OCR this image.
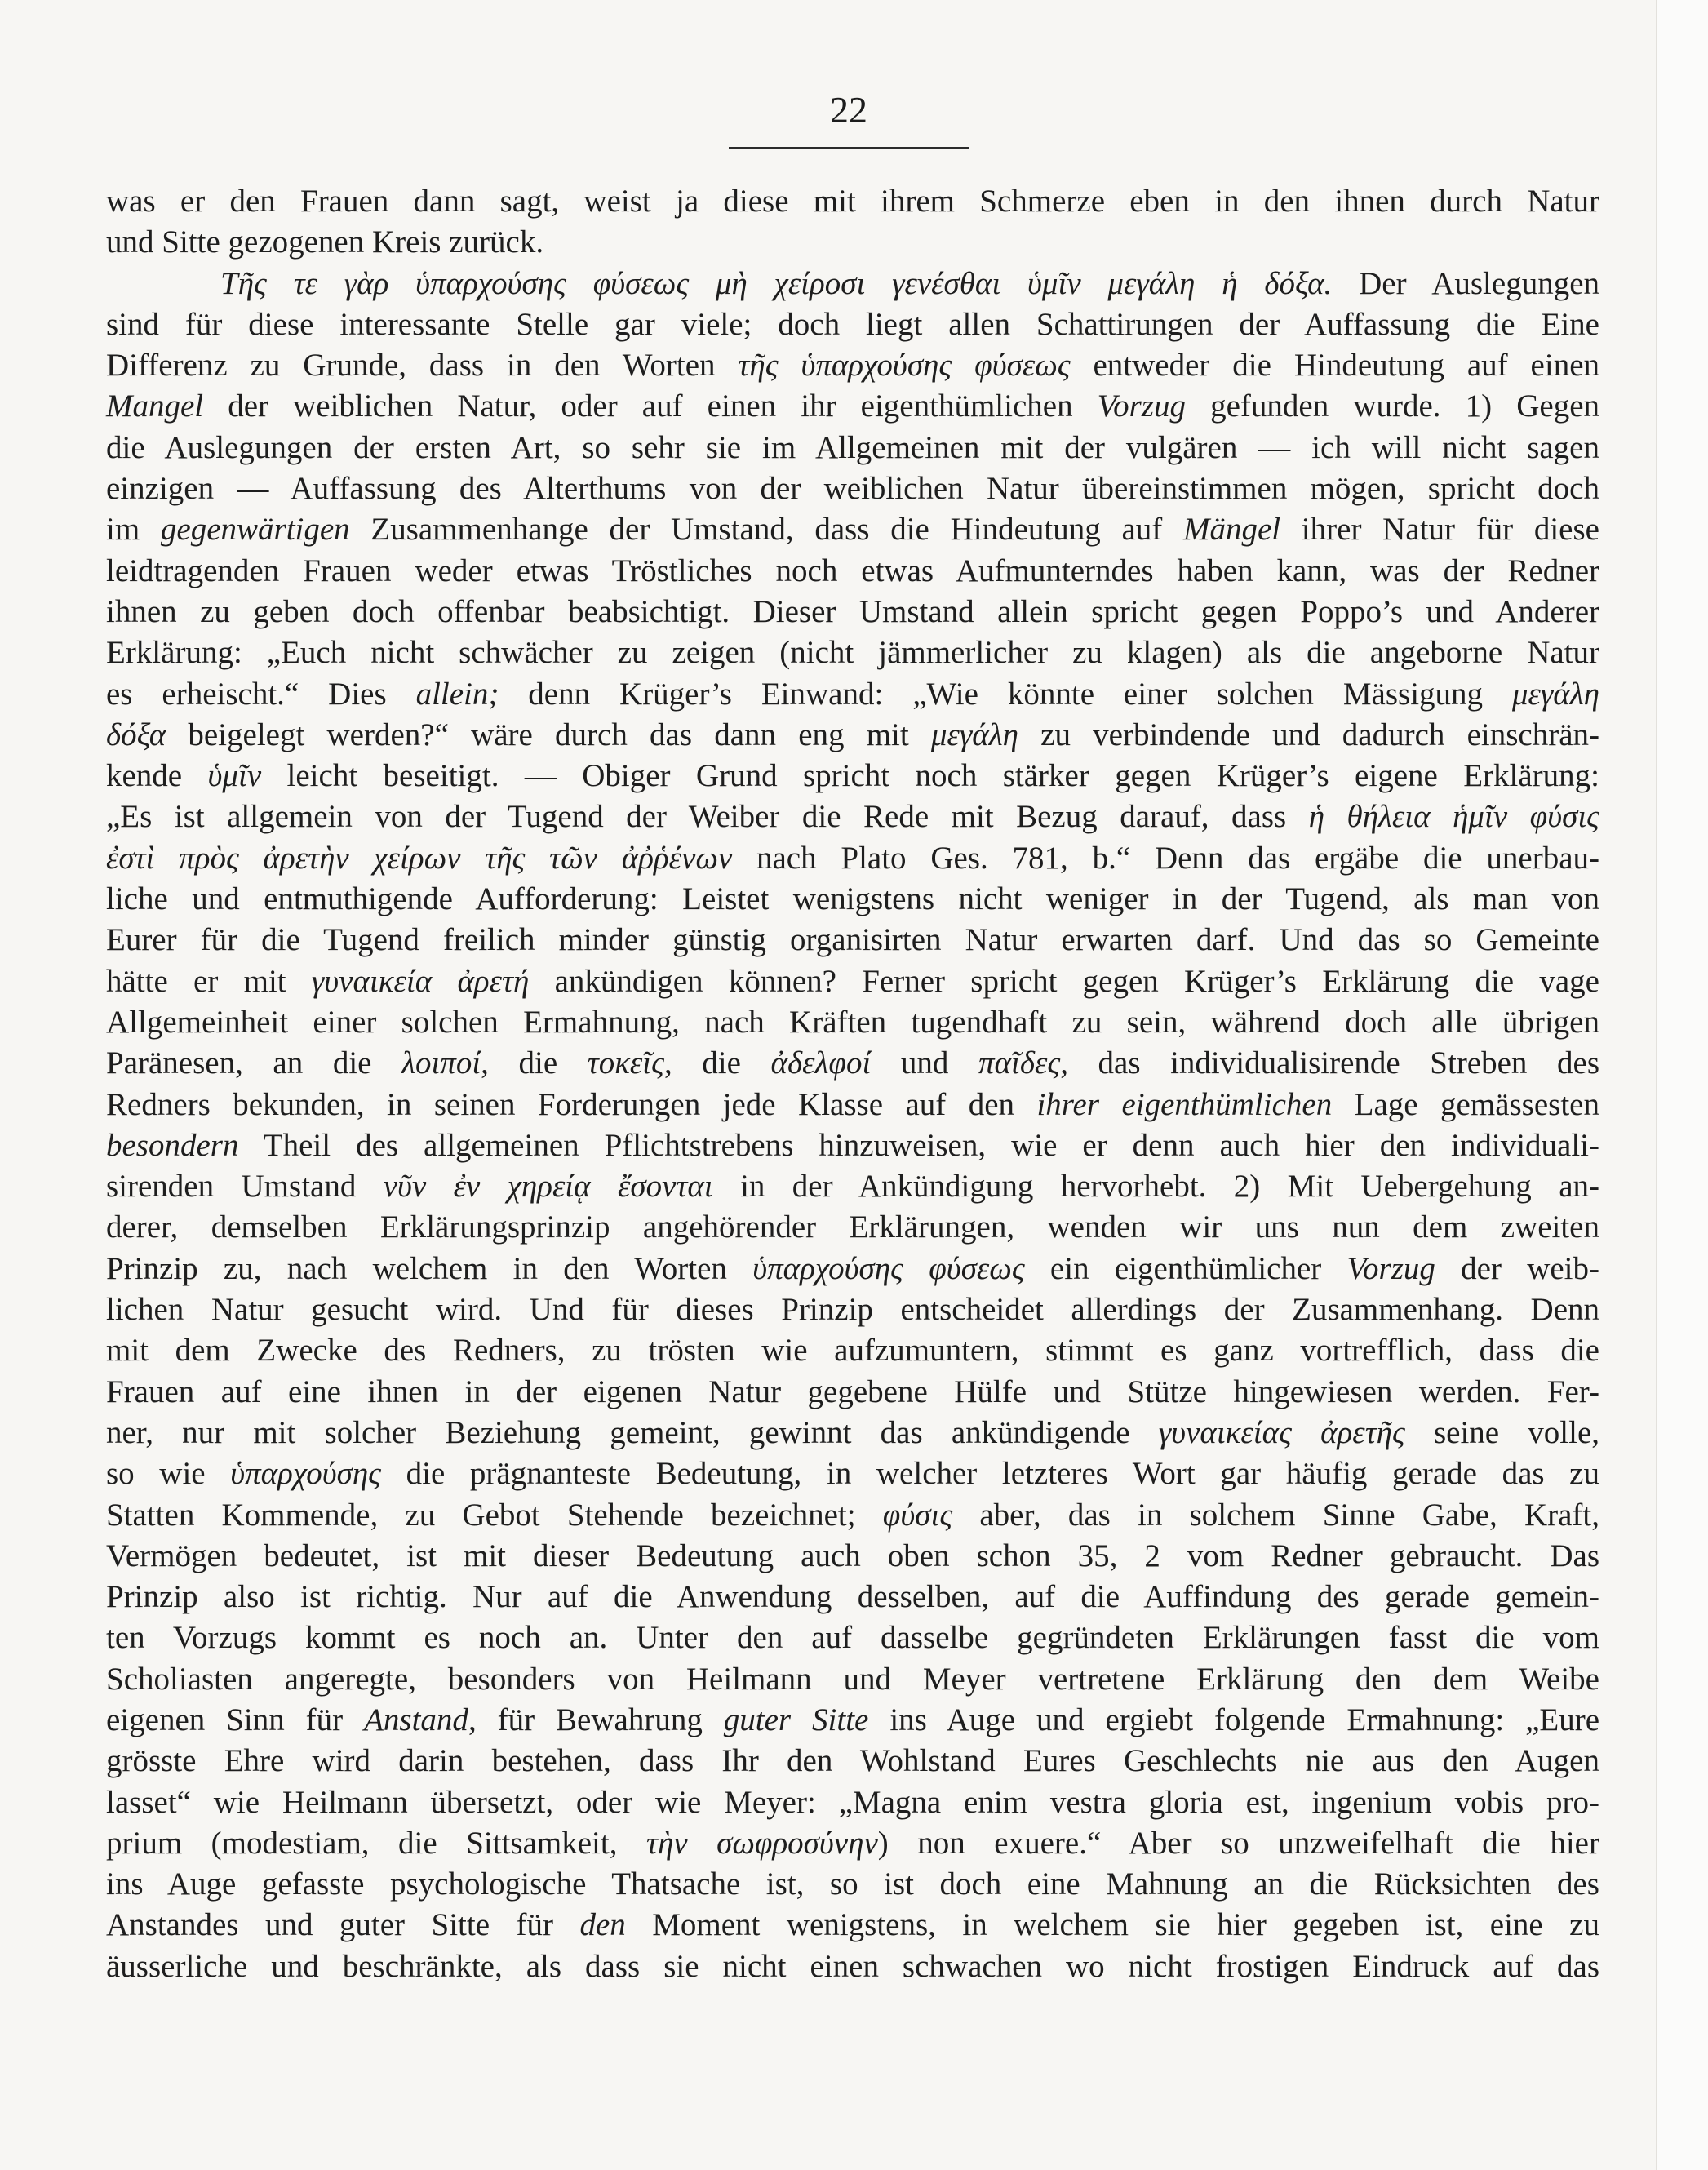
22
was er den Frauen dann sagt, weist ja diese mit ihrem Schmerze eben in den ihnen durch Natur
und Sitte gezogenen Kreis zurück.
Τῆς τε γὰρ ὑπαρχούσης φύσεως μὴ χείροσι γενέσθαι ὑμῖν μεγάλη ἡ δόξα. Der Auslegungen
sind für diese interessante Stelle gar viele; doch liegt allen Schattirungen der Auffassung die Eine
Differenz zu Grunde, dass in den Worten τῆς ὑπαρχούσης φύσεως entweder die Hindeutung auf einen
Mangel der weiblichen Natur, oder auf einen ihr eigenthümlichen Vorzug gefunden wurde. 1) Gegen
die Auslegungen der ersten Art, so sehr sie im Allgemeinen mit der vulgären — ich will nicht sagen
einzigen — Auffassung des Alterthums von der weiblichen Natur übereinstimmen mögen, spricht doch
im gegenwärtigen Zusammenhange der Umstand, dass die Hindeutung auf Mängel ihrer Natur für diese
leidtragenden Frauen weder etwas Tröstliches noch etwas Aufmunterndes haben kann, was der Redner
ihnen zu geben doch offenbar beabsichtigt. Dieser Umstand allein spricht gegen Poppo’s und Anderer
Erklärung: „Euch nicht schwächer zu zeigen (nicht jämmerlicher zu klagen) als die angeborne Natur
es erheischt.“ Dies allein; denn Krüger’s Einwand: „Wie könnte einer solchen Mässigung μεγάλη
δόξα beigelegt werden?“ wäre durch das dann eng mit μεγάλη zu verbindende und dadurch einschrän-
kende ὑμῖν leicht beseitigt. — Obiger Grund spricht noch stärker gegen Krüger’s eigene Erklärung:
„Es ist allgemein von der Tugend der Weiber die Rede mit Bezug darauf, dass ἡ θήλεια ἡμῖν φύσις
ἐστὶ πρὸς ἀρετὴν χείρων τῆς τῶν ἀῤῥένων nach Plato Ges. 781, b.“ Denn das ergäbe die unerbau-
liche und entmuthigende Aufforderung: Leistet wenigstens nicht weniger in der Tugend, als man von
Eurer für die Tugend freilich minder günstig organisirten Natur erwarten darf. Und das so Gemeinte
hätte er mit γυναικεία ἀρετή ankündigen können? Ferner spricht gegen Krüger’s Erklärung die vage
Allgemeinheit einer solchen Ermahnung, nach Kräften tugendhaft zu sein, während doch alle übrigen
Paränesen, an die λοιποί, die τοκεῖς, die ἀδελφοί und παῖδες, das individualisirende Streben des
Redners bekunden, in seinen Forderungen jede Klasse auf den ihrer eigenthümlichen Lage gemässesten
besondern Theil des allgemeinen Pflichtstrebens hinzuweisen, wie er denn auch hier den individuali-
sirenden Umstand νῦν ἐν χηρείᾳ ἔσονται in der Ankündigung hervorhebt. 2) Mit Uebergehung an-
derer, demselben Erklärungsprinzip angehörender Erklärungen, wenden wir uns nun dem zweiten
Prinzip zu, nach welchem in den Worten ὑπαρχούσης φύσεως ein eigenthümlicher Vorzug der weib-
lichen Natur gesucht wird. Und für dieses Prinzip entscheidet allerdings der Zusammenhang. Denn
mit dem Zwecke des Redners, zu trösten wie aufzumuntern, stimmt es ganz vortrefflich, dass die
Frauen auf eine ihnen in der eigenen Natur gegebene Hülfe und Stütze hingewiesen werden. Fer-
ner, nur mit solcher Beziehung gemeint, gewinnt das ankündigende γυναικείας ἀρετῆς seine volle,
so wie ὑπαρχούσης die prägnanteste Bedeutung, in welcher letzteres Wort gar häufig gerade das zu
Statten Kommende, zu Gebot Stehende bezeichnet; φύσις aber, das in solchem Sinne Gabe, Kraft,
Vermögen bedeutet, ist mit dieser Bedeutung auch oben schon 35, 2 vom Redner gebraucht. Das
Prinzip also ist richtig. Nur auf die Anwendung desselben, auf die Auffindung des gerade gemein-
ten Vorzugs kommt es noch an. Unter den auf dasselbe gegründeten Erklärungen fasst die vom
Scholiasten angeregte, besonders von Heilmann und Meyer vertretene Erklärung den dem Weibe
eigenen Sinn für Anstand, für Bewahrung guter Sitte ins Auge und ergiebt folgende Ermahnung: „Eure
grösste Ehre wird darin bestehen, dass Ihr den Wohlstand Eures Geschlechts nie aus den Augen
lasset“ wie Heilmann übersetzt, oder wie Meyer: „Magna enim vestra gloria est, ingenium vobis pro-
prium (modestiam, die Sittsamkeit, τὴν σωφροσύνην) non exuere.“ Aber so unzweifelhaft die hier
ins Auge gefasste psychologische Thatsache ist, so ist doch eine Mahnung an die Rücksichten des
Anstandes und guter Sitte für den Moment wenigstens, in welchem sie hier gegeben ist, eine zu
äusserliche und beschränkte, als dass sie nicht einen schwachen wo nicht frostigen Eindruck auf das
